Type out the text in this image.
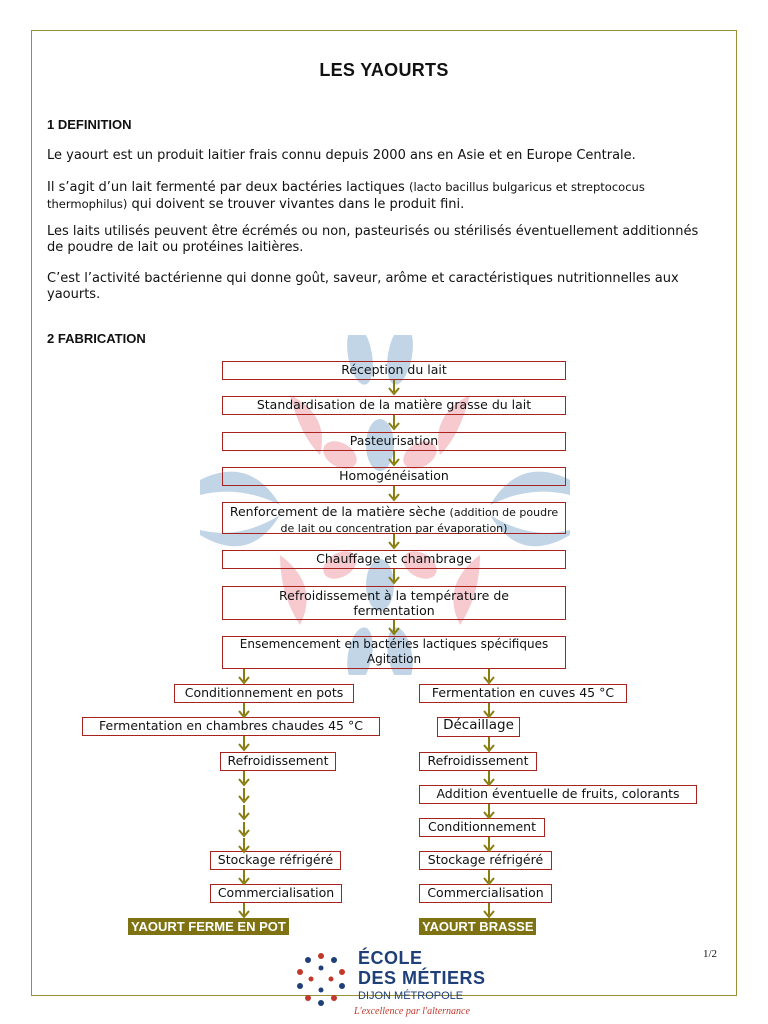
LES YAOURTS
1 DEFINITION
Le yaourt est un produit laitier frais connu depuis 2000 ans en Asie et en Europe Centrale.
Il s’agit d’un lait fermenté par deux bactéries lactiques (lacto bacillus bulgaricus et streptococus thermophilus) qui doivent se trouver vivantes dans le produit fini.
Les laits utilisés peuvent être écrémés ou non, pasteurisés ou stérilisés éventuellement additionnés de poudre de lait ou protéines laitières.
C’est l’activité bactérienne qui donne goût, saveur, arôme et caractéristiques nutritionnelles aux yaourts.
2 FABRICATION
Réception du lait
Standardisation de la matière grasse du lait
Pasteurisation
Homogénéisation
Renforcement de la matière sèche (addition de poudre de lait ou concentration par évaporation)
Chauffage et chambrage
Refroidissement à la température de
fermentation
Ensemencement en bactéries lactiques spécifiques
Agitation
Conditionnement en pots
Fermentation en chambres chaudes 45 °C
Refroidissement
Stockage réfrigéré
Commercialisation
YAOURT FERME EN POT
Fermentation en cuves 45 °C
Décaillage
Refroidissement
Addition éventuelle de fruits, colorants
Conditionnement
Stockage réfrigéré
Commercialisation
YAOURT BRASSE
1/2
ÉCOLE
DES MÉTIERS
DIJON MÉTROPOLE
L'excellence par l'alternance
